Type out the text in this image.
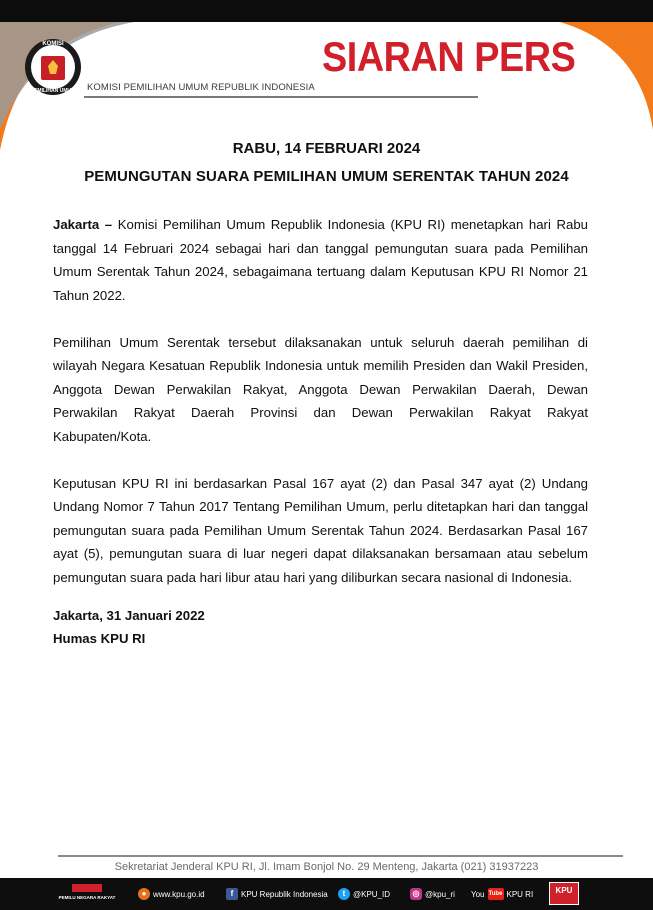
KOMISI
PEMILIHAN UMUM KOMISI PEMILIHAN UMUM REPUBLIK INDONESIA
SIARAN PERS
RABU, 14 FEBRUARI 2024
PEMUNGUTAN SUARA PEMILIHAN UMUM SERENTAK TAHUN 2024

Jakarta – Komisi Pemilihan Umum Republik Indonesia (KPU RI) menetapkan hari Rabu tanggal 14 Februari 2024 sebagai hari dan tanggal pemungutan suara pada Pemilihan Umum Serentak Tahun 2024, sebagaimana tertuang dalam Keputusan KPU RI Nomor 21 Tahun 2022.

Pemilihan Umum Serentak tersebut dilaksanakan untuk seluruh daerah pemilihan di wilayah Negara Kesatuan Republik Indonesia untuk memilih Presiden dan Wakil Presiden, Anggota Dewan Perwakilan Rakyat, Anggota Dewan Perwakilan Daerah, Dewan Perwakilan Rakyat Daerah Provinsi dan Dewan Perwakilan Rakyat Rakyat Kabupaten/Kota.

Keputusan KPU RI ini berdasarkan Pasal 167 ayat (2) dan Pasal 347 ayat (2) Undang Undang Nomor 7 Tahun 2017 Tentang Pemilihan Umum, perlu ditetapkan hari dan tanggal pemungutan suara pada Pemilihan Umum Serentak Tahun 2024. Berdasarkan Pasal 167 ayat (5), pemungutan suara di luar negeri dapat dilaksanakan bersamaan atau sebelum pemungutan suara pada hari libur atau hari yang diliburkan secara nasional di Indonesia.

Jakarta, 31 Januari 2022
Humas KPU RI
Sekretariat Jenderal KPU RI, Jl. Imam Bonjol No. 29 Menteng, Jakarta (021) 31937223
PEMILU NEGARA RAKYAT	● www.kpu.go.id	f KPU Republik Indonesia	t @KPU_ID	◎ @kpu_ri You Tube KPU RI	KPU
